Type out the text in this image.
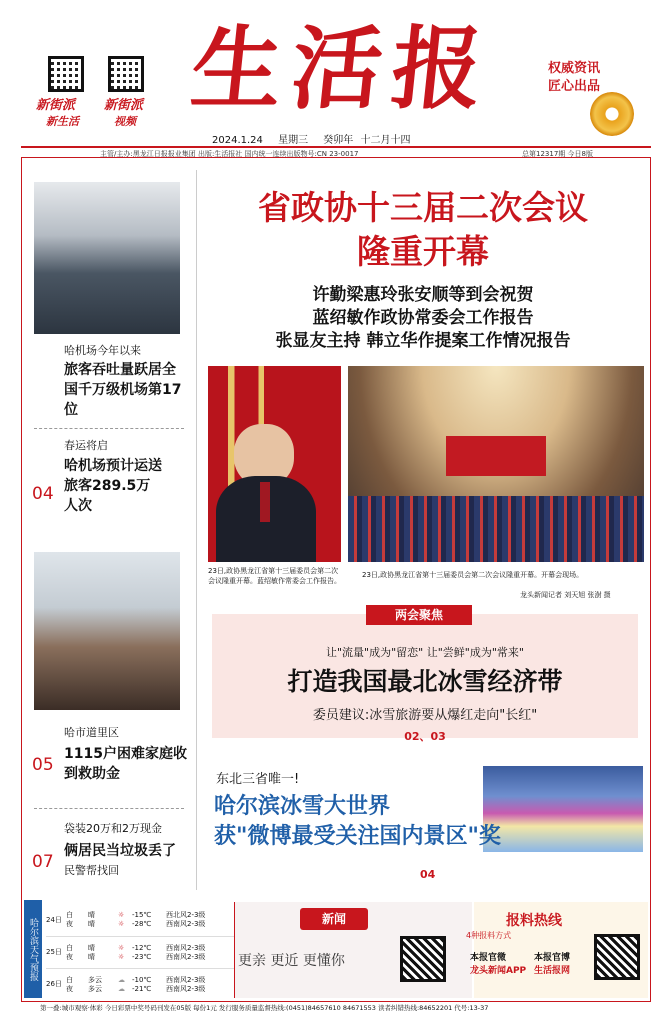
新街派
新生活
新街派
视频 生活报	权威资讯
匠心出品
2024.1.24 星期三 癸卯年 十二月十四
主管/主办:黑龙江日报报业集团 出版:生活报社 国内统一连续出版物号:CN 23-0017	总第12317期 今日8版
哈机场今年以来
旅客吞吐量跃居全国千万级机场第17位
春运将启
04
哈机场预计运送旅客289.5万人次
哈市道里区
05
1115户困难家庭收到救助金
袋装20万和2万现金
07
俩居民当垃圾丢了
民警帮找回
省政协十三届二次会议
隆重开幕
许勤梁惠玲张安顺等到会祝贺
蓝绍敏作政协常委会工作报告
张显友主持 韩立华作提案工作情况报告
23日,政协黑龙江省第十三届委员会第二次会议隆重开幕。蓝绍敏作常委会工作报告。
23日,政协黑龙江省第十三届委员会第二次会议隆重开幕。开幕会现场。
龙头新闻记者 刘天旭 张澍 摄
两会聚焦
让"流量"成为"留恋" 让"尝鲜"成为"常来"
打造我国最北冰雪经济带
委员建议:冰雪旅游要从爆红走向"长红"
02、03
东北三省唯一!
哈尔滨冰雪大世界
获"微博最受关注国内景区"奖
04
哈尔滨天气预报	24日
白	晴	☼	-15℃	西北风2-3级
夜	晴	☼	-28℃	西南风2-3级
25日
白	晴	☼	-12℃	西南风2-3级
夜	晴	☼	-23℃	西南风2-3级
26日
白	多云	☁	-10℃	西南风2-3级
夜	多云	☁	-21℃	西南风2-3级
新闻
更亲 更近 更懂你
报料热线
4种报料方式
本报官微
龙头新闻APP
本报官博
生活报网
第一叠:城市观察·体彩 今日彩票中奖号码刊发在05版 每份1元 发行服务质量监督热线:(0451)84657610 84671553 读者纠错热线:84652201 代号:13-37
